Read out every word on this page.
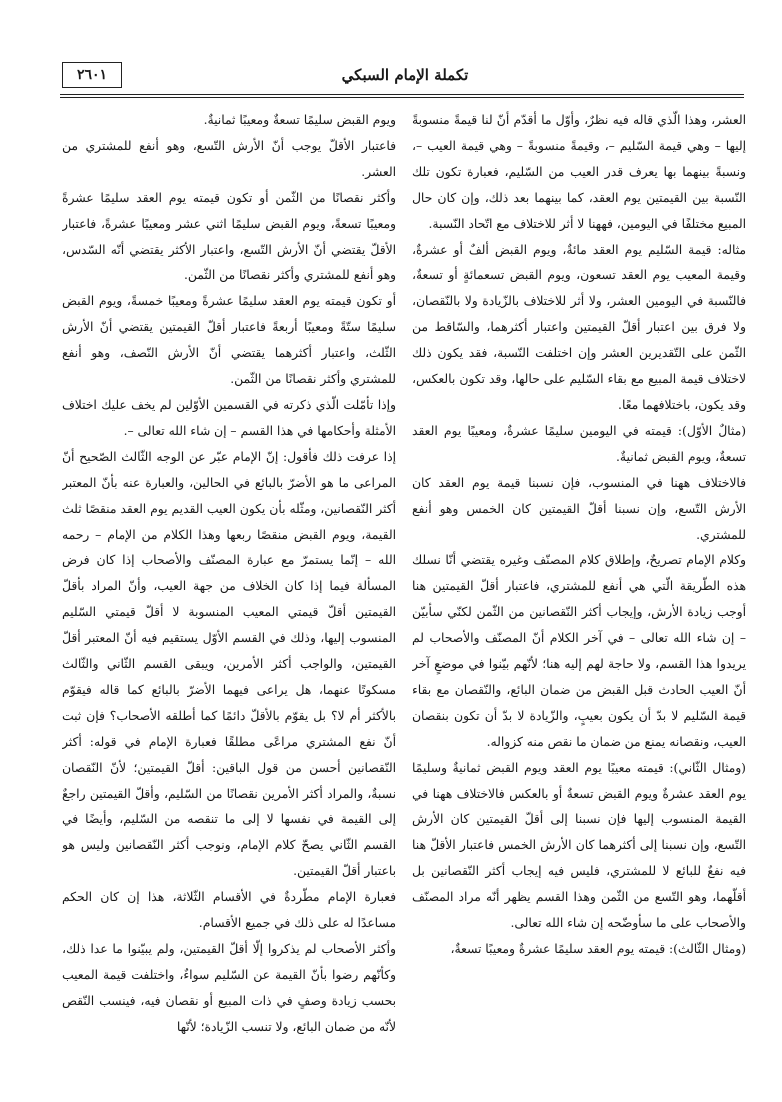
٢٦٠١	تكملة الإمام السبكي

العشر، وهذا الّذي قاله فيه نظرٌ، وأوّل ما أقدّم أنّ لنا قيمةً منسوبةً إليها – وهي قيمة السّليم –، وقيمةً منسوبةً – وهي قيمة العيب –، ونسبةً بينهما بها يعرف قدر العيب من السّليم، فعبارة تكون تلك النّسبة بين القيمتين يوم العقد، كما بينهما بعد ذلك، وإن كان حال المبيع مختلفًا في اليومين، فههنا لا أثر للاختلاف مع اتّحاد النّسبة.

مثاله: قيمة السّليم يوم العقد مائةٌ، ويوم القبض ألفٌ أو عشرةٌ، وقيمة المعيب يوم العقد تسعون، ويوم القبض تسعمائةٍ أو تسعةٌ، فالنّسبة في اليومين العشر، ولا أثر للاختلاف بالزّيادة ولا بالنّقصان، ولا فرق بين اعتبار أقلّ القيمتين واعتبار أكثرهما، والسّاقط من الثّمن على التّقديرين العشر وإن اختلفت النّسبة، فقد يكون ذلك لاختلاف قيمة المبيع مع بقاء السّليم على حالها، وقد تكون بالعكس، وقد يكون، باختلافهما معًا.

(مثالٌ الأوّل): قيمته في اليومين سليمًا عشرةٌ، ومعيبًا يوم العقد تسعةٌ، ويوم القبض ثمانيةٌ.

فالاختلاف ههنا في المنسوب، فإن نسبنا قيمة يوم العقد كان الأرش التّسع، وإن نسبنا أقلّ القيمتين كان الخمس وهو أنفع للمشتري.

وكلام الإمام تصريحٌ، وإطلاق كلام المصنّف وغيره يقتضي أنّا نسلك هذه الطّريقة الّتي هي أنفع للمشتري، فاعتبار أقلّ القيمتين هنا أوجب زيادة الأرش، وإيجاب أكثر النّقصانين من الثّمن لكنّي سأبيّن – إن شاء الله تعالى – في آخر الكلام أنّ المصنّف والأصحاب لم يريدوا هذا القسم، ولا حاجة لهم إليه هنا؛ لأنّهم بيّنوا في موضعٍ آخر أنّ العيب الحادث قبل القبض من ضمان البائع، والنّقصان مع بقاء قيمة السّليم لا بدّ أن يكون بعيبٍ، والزّيادة لا بدّ أن تكون بنقصان العيب، ونقصانه يمنع من ضمان ما نقص منه كزواله.

(ومثال الثّاني): قيمته معيبًا يوم العقد ويوم القبض ثمانيةٌ وسليمًا يوم العقد عشرةٌ ويوم القبض تسعةٌ أو بالعكس فالاختلاف ههنا في القيمة المنسوب إليها فإن نسبنا إلى أقلّ القيمتين كان الأرش التّسع، وإن نسبنا إلى أكثرهما كان الأرش الخمس فاعتبار الأقلّ هنا فيه نفعٌ للبائع لا للمشتري، فليس فيه إيجاب أكثر النّقصانين بل أقلّهما، وهو التّسع من الثّمن وهذا القسم يظهر أنّه مراد المصنّف والأصحاب على ما سأوضّحه إن شاء الله تعالى.

(ومثال الثّالث): قيمته يوم العقد سليمًا عشرةٌ ومعيبًا تسعةٌ،

ويوم القبض سليمًا تسعةٌ ومعيبًا ثمانيةٌ.

فاعتبار الأقلّ يوجب أنّ الأرش التّسع، وهو أنفع للمشتري من العشر.

وأكثر نقصانًا من الثّمن أو تكون قيمته يوم العقد سليمًا عشرةً ومعيبًا تسعةً، ويوم القبض سليمًا اثني عشر ومعيبًا عشرةً، فاعتبار الأقلّ يقتضي أنّ الأرش التّسع، واعتبار الأكثر يقتضي أنّه السّدس، وهو أنفع للمشتري وأكثر نقصانًا من الثّمن.

أو تكون قيمته يوم العقد سليمًا عشرةً ومعيبًا خمسةً، ويوم القبض سليمًا ستّةً ومعيبًا أربعةً فاعتبار أقلّ القيمتين يقتضي أنّ الأرش الثّلث، واعتبار أكثرهما يقتضي أنّ الأرش النّصف، وهو أنفع للمشتري وأكثر نقصانًا من الثّمن.

وإذا تأمّلت الّذي ذكرته في القسمين الأوّلين لم يخف عليك اختلاف الأمثلة وأحكامها في هذا القسم – إن شاء الله تعالى –.

إذا عرفت ذلك فأقول: إنّ الإمام عبّر عن الوجه الثّالث الصّحيح أنّ المراعى ما هو الأضرّ بالبائع في الحالين، والعبارة عنه بأنّ المعتبر أكثر النّقصانين، ومثّله بأن يكون العيب القديم يوم العقد منقصًا ثلث القيمة، ويوم القبض منقصًا ربعها وهذا الكلام من الإمام – رحمه الله – إنّما يستمرّ مع عبارة المصنّف والأصحاب إذا كان فرض المسألة فيما إذا كان الخلاف من جهة العيب، وأنّ المراد بأقلّ القيمتين أقلّ قيمتي المعيب المنسوبة لا أقلّ قيمتي السّليم المنسوب إليها، وذلك في القسم الأوّل يستقيم فيه أنّ المعتبر أقلّ القيمتين، والواجب أكثر الأمرين، ويبقى القسم الثّاني والثّالث مسكوتًا عنهما، هل يراعى فيهما الأضرّ بالبائع كما قاله فيقوّم بالأكثر أم لا؟ بل يقوّم بالأقلّ دائمًا كما أطلقه الأصحاب؟ فإن ثبت أنّ نفع المشتري مراعًى مطلقًا فعبارة الإمام في قوله: أكثر النّقصانين أحسن من قول الباقين: أقلّ القيمتين؛ لأنّ النّقصان نسبةٌ، والمراد أكثر الأمرين نقصانًا من السّليم، وأقلّ القيمتين راجعٌ إلى القيمة في نفسها لا إلى ما تنقصه من السّليم، وأيضًا في القسم الثّاني يصحّ كلام الإمام، ونوجب أكثر النّقصانين وليس هو باعتبار أقلّ القيمتين.

فعبارة الإمام مطّردةٌ في الأقسام الثّلاثة، هذا إن كان الحكم مساعدًا له على ذلك في جميع الأقسام.

وأكثر الأصحاب لم يذكروا إلّا أقلّ القيمتين، ولم يبيّنوا ما عدا ذلك، وكأنّهم رضوا بأنّ القيمة عن السّليم سواءٌ، واختلفت قيمة المعيب بحسب زيادة وصفٍ في ذات المبيع أو نقصان فيه، فينسب النّقص لأنّه من ضمان البائع، ولا تنسب الزّيادة؛ لأنّها
